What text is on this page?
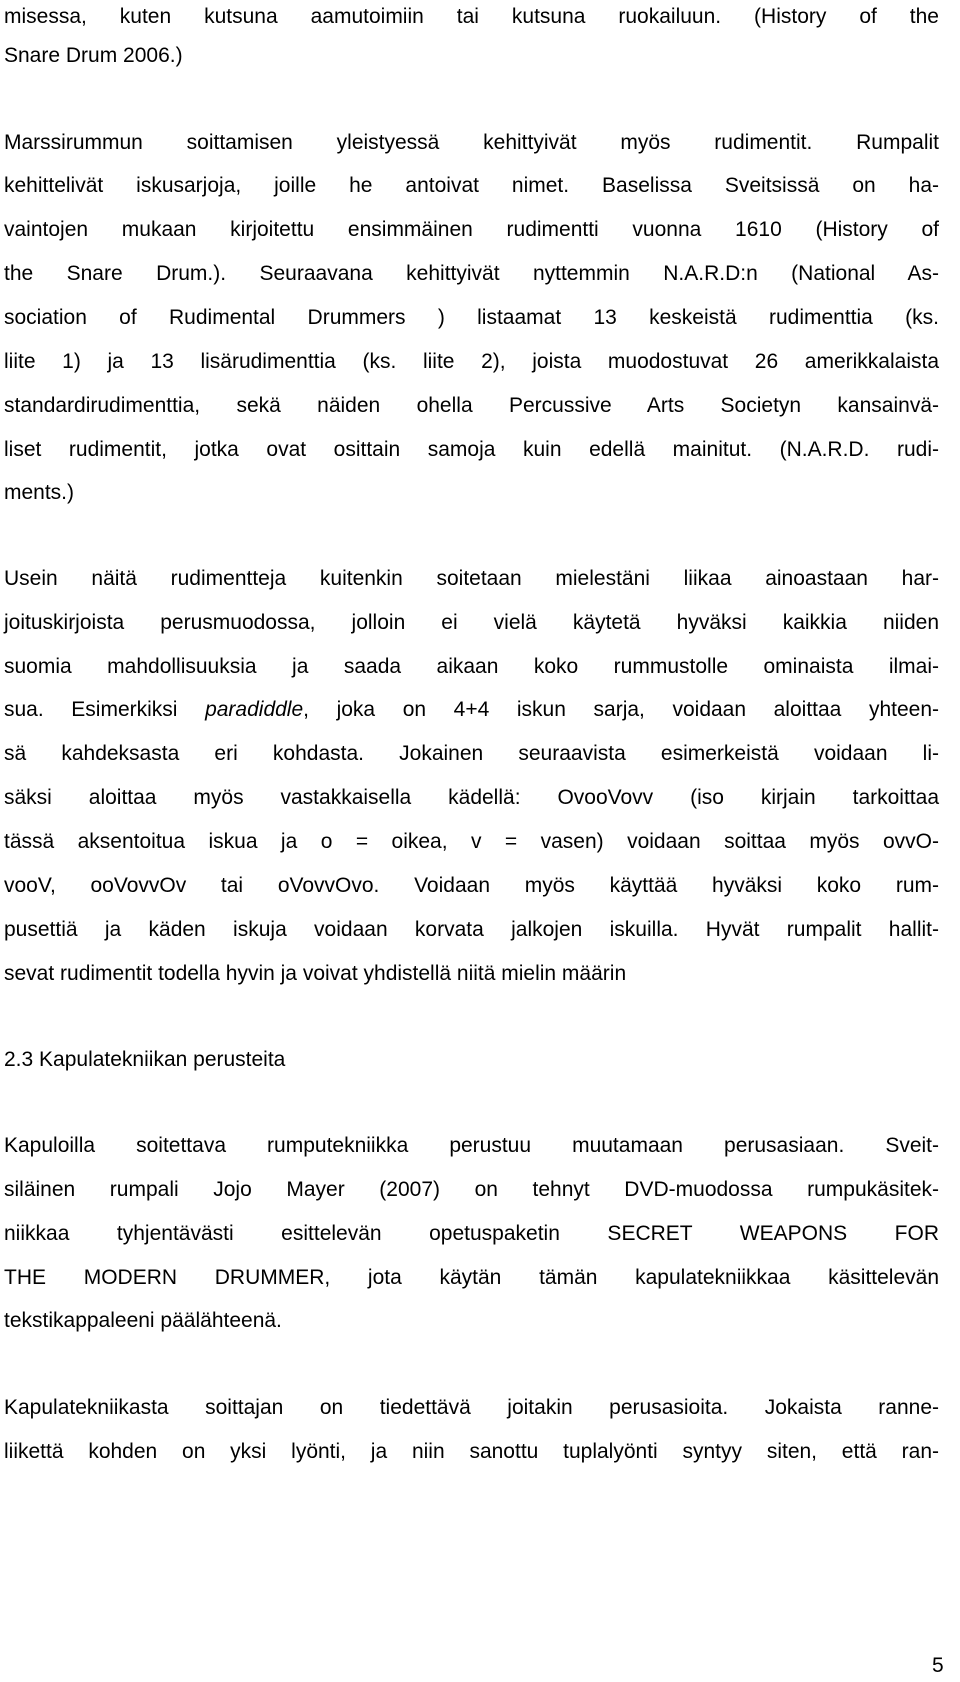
misessa, kuten kutsuna aamutoimiin tai kutsuna ruokailuun. (History of the
Snare Drum 2006.)
Marssirummun soittamisen yleistyessä kehittyivät myös rudimentit. Rumpalit
kehittelivät iskusarjoja, joille he antoivat nimet. Baselissa Sveitsissä on ha-
vaintojen mukaan kirjoitettu ensimmäinen rudimentti vuonna 1610 (History of
the Snare Drum.). Seuraavana kehittyivät nyttemmin N.A.R.D:n (National As-
sociation of Rudimental Drummers ) listaamat 13 keskeistä rudimenttia (ks.
liite 1) ja 13 lisärudimenttia (ks. liite 2), joista muodostuvat 26 amerikkalaista
standardirudimenttia, sekä näiden ohella Percussive Arts Societyn kansainvä-
liset rudimentit, jotka ovat osittain samoja kuin edellä mainitut. (N.A.R.D. rudi-
ments.)
Usein näitä rudimentteja kuitenkin soitetaan mielestäni liikaa ainoastaan har-
joituskirjoista perusmuodossa, jolloin ei vielä käytetä hyväksi kaikkia niiden
suomia mahdollisuuksia ja saada aikaan koko rummustolle ominaista ilmai-
sua. Esimerkiksi paradiddle, joka on 4+4 iskun sarja, voidaan aloittaa yhteen-
sä kahdeksasta eri kohdasta. Jokainen seuraavista esimerkeistä voidaan li-
säksi aloittaa myös vastakkaisella kädellä: OvooVovv (iso kirjain tarkoittaa
tässä aksentoitua iskua ja o = oikea, v = vasen) voidaan soittaa myös ovvO-
vooV, ooVovvOv tai oVovvOvo. Voidaan myös käyttää hyväksi koko rum-
pusettiä ja käden iskuja voidaan korvata jalkojen iskuilla. Hyvät rumpalit hallit-
sevat rudimentit todella hyvin ja voivat yhdistellä niitä mielin määrin
2.3 Kapulatekniikan perusteita
Kapuloilla soitettava rumputekniikka perustuu muutamaan perusasiaan. Sveit-
siläinen rumpali Jojo Mayer (2007) on tehnyt DVD-muodossa rumpukäsitek-
niikkaa tyhjentävästi esittelevän opetuspaketin SECRET WEAPONS FOR
THE MODERN DRUMMER, jota käytän tämän kapulatekniikkaa käsittelevän
tekstikappaleeni päälähteenä.
Kapulatekniikasta soittajan on tiedettävä joitakin perusasioita. Jokaista ranne-
liikettä kohden on yksi lyönti, ja niin sanottu tuplalyönti syntyy siten, että ran-
5
